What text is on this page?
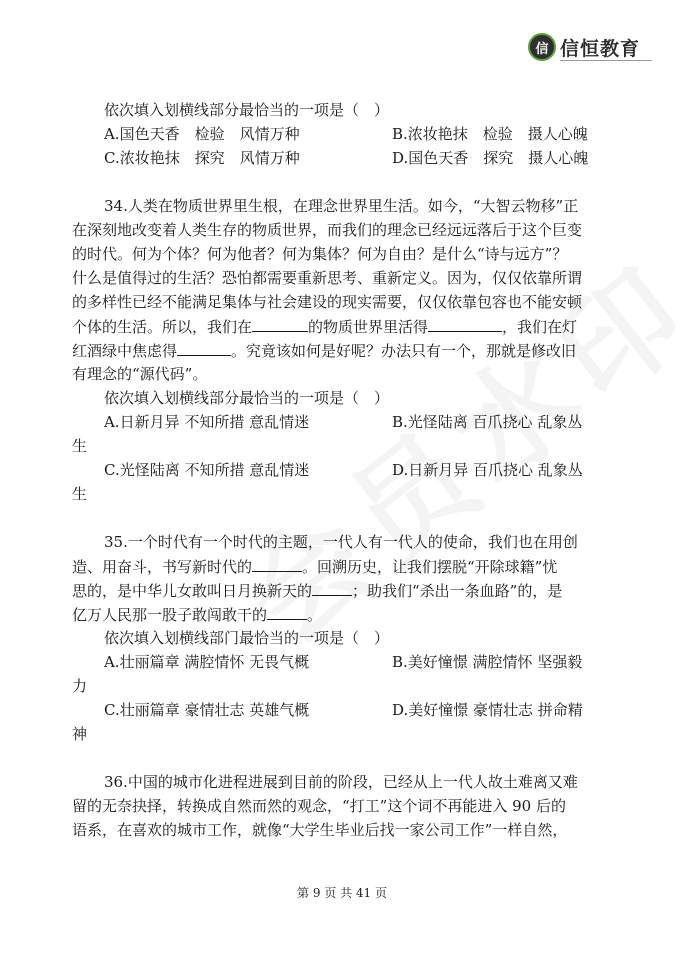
信 信恒教育
依次填入划横线部分最恰当的一项是（　）
A.国色天香　检验　风情万种	B.浓妆艳抹　检验　摄人心魄
C.浓妆艳抹　探究　风情万种	D.国色天香　探究　摄人心魄
34.人类在物质世界里生根，在理念世界里生活。如今，“大智云物移”正
在深刻地改变着人类生存的物质世界，而我们的理念已经远远落后于这个巨变
的时代。何为个体？何为他者？何为集体？何为自由？是什么“诗与远方”？
什么是值得过的生活？恐怕都需要重新思考、重新定义。因为，仅仅依靠所谓
的多样性已经不能满足集体与社会建设的现实需要，仅仅依靠包容也不能安顿
个体的生活。所以，我们在	的物质世界里活得	，我们在灯
红酒绿中焦虑得	。究竟该如何是好呢？办法只有一个，那就是修改旧
有理念的“源代码”。
依次填入划横线部分最恰当的一项是（　）
A.日新月异 不知所措 意乱情迷	B.光怪陆离 百爪挠心 乱象丛
生
C.光怪陆离 不知所措 意乱情迷	D.日新月异 百爪挠心 乱象丛
生
35.一个时代有一个时代的主题，一代人有一代人的使命，我们也在用创
造、用奋斗，书写新时代的	。回溯历史，让我们摆脱“开除球籍”忧
思的，是中华儿女敢叫日月换新天的	；助我们“杀出一条血路”的，是
亿万人民那一股子敢闯敢干的	。
依次填入划横线部门最恰当的一项是（　）
A.壮丽篇章 满腔情怀 无畏气概	B.美好憧憬 满腔情怀 坚强毅
力
C.壮丽篇章 豪情壮志 英雄气概	D.美好憧憬 豪情壮志 拼命精
神
36.中国的城市化进程进展到目前的阶段，已经从上一代人故土难离又难
留的无奈抉择，转换成自然而然的观念，“打工”这个词不再能进入 90 后的
语系，在喜欢的城市工作，就像“大学生毕业后找一家公司工作”一样自然，
第 9 页 共 41 页
